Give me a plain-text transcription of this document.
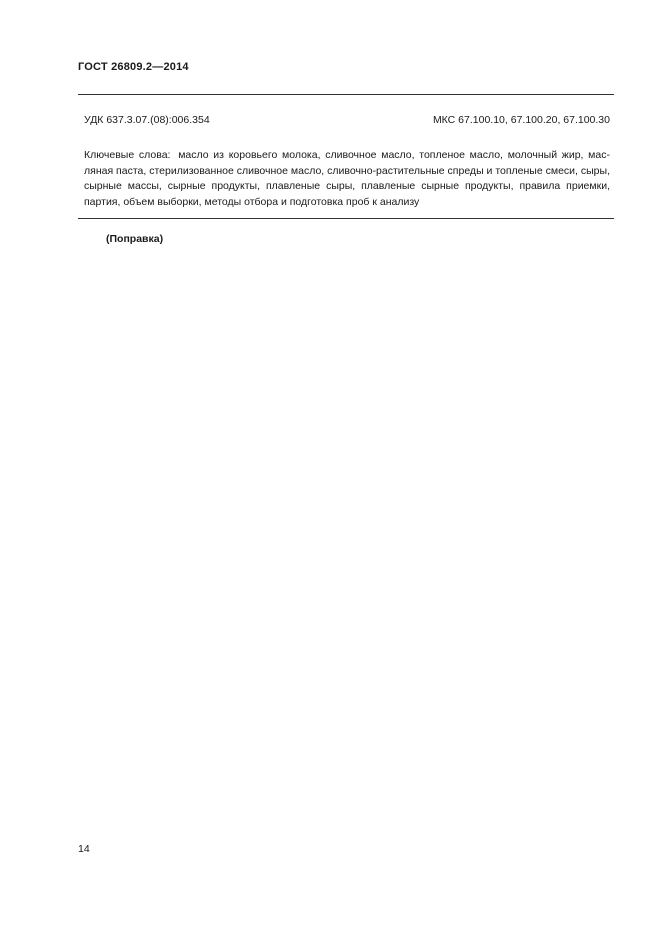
ГОСТ 26809.2—2014
УДК 637.3.07.(08):006.354	МКС 67.100.10, 67.100.20, 67.100.30
Ключевые слова: масло из коровьего молока, сливочное масло, топленое масло, молочный жир, масляная паста, стерилизованное сливочное масло, сливочно-растительные спреды и топленые смеси, сыры, сырные массы, сырные продукты, плавленые сыры, плавленые сырные продукты, правила приемки, партия, объем выборки, методы отбора и подготовка проб к анализу
(Поправка)
14
